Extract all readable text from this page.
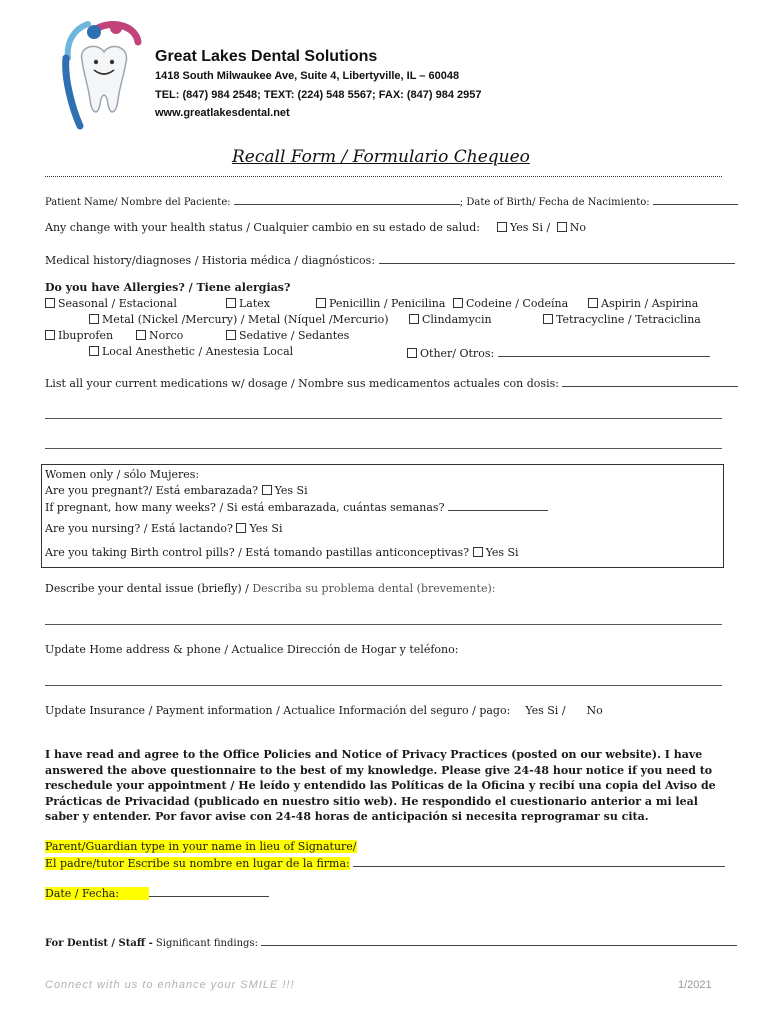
Great Lakes Dental Solutions
1418 South Milwaukee Ave, Suite 4, Libertyville, IL – 60048
TEL: (847) 984 2548; TEXT: (224) 548 5567; FAX: (847) 984 2957
www.greatlakesdental.net
Recall Form / Formulario Chequeo
Patient Name/ Nombre del Paciente:	; Date of Birth/ Fecha de Nacimiento:
Any change with your health status / Cualquier cambio en su estado de salud:	Yes Si / No
Medical history/diagnoses / Historia médica / diagnósticos:
Do you have Allergies? / Tiene alergias?
Seasonal / Estacional	Latex	Penicillin / Penicilina	Codeine / Codeína	Aspirin / Aspirina
Metal (Nickel /Mercury) / Metal (Níquel /Mercurio)	Clindamycin	Tetracycline / Tetraciclina
Ibuprofen	Norco	Sedative / Sedantes
Local Anesthetic / Anestesia Local	Other/ Otros:
List all your current medications w/ dosage / Nombre sus medicamentos actuales con dosis:
Women only / sólo Mujeres:
Are you pregnant?/ Está embarazada? Yes Si
If pregnant, how many weeks? / Si está embarazada, cuántas semanas?
Are you nursing? / Está lactando? Yes Si
Are you taking Birth control pills? / Está tomando pastillas anticonceptivas? Yes Si
Describe your dental issue (briefly) / Describa su problema dental (brevemente):
Update Home address & phone / Actualice Dirección de Hogar y teléfono:
Update Insurance / Payment information / Actualice Información del seguro / pago: Yes Si / No
I have read and agree to the Office Policies and Notice of Privacy Practices (posted on our website). I have answered the above questionnaire to the best of my knowledge. Please give 24-48 hour notice if you need to reschedule your appointment / He leído y entendido las Políticas de la Oficina y recibí una copia del Aviso de Prácticas de Privacidad (publicado en nuestro sitio web). He respondido el cuestionario anterior a mi leal saber y entender. Por favor avise con 24-48 horas de anticipación si necesita reprogramar su cita.
Parent/Guardian type in your name in lieu of Signature/
El padre/tutor Escribe su nombre en lugar de la firma:
Date / Fecha:
For Dentist / Staff - Significant findings:
Connect with us to enhance your SMILE !!!	1/2021
